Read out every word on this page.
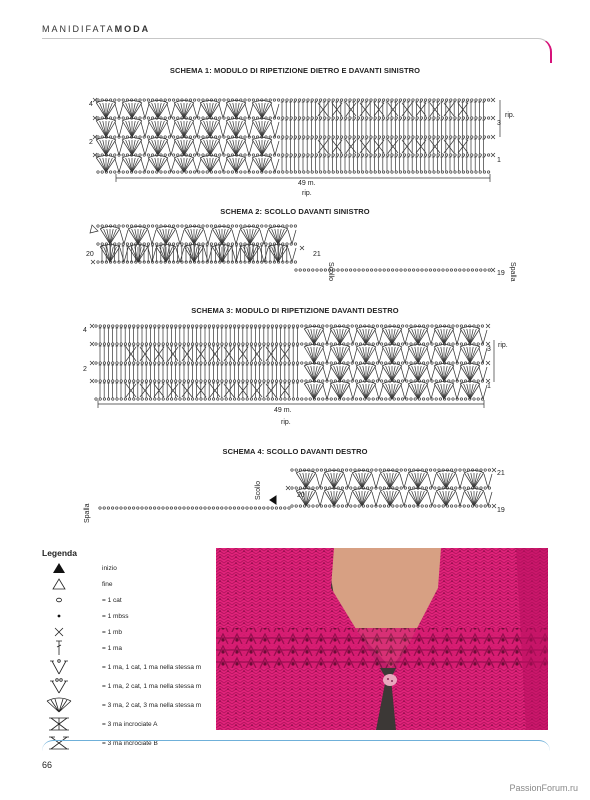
MANIDIFATAMODA
SCHEMA 1: MODULO DI RIPETIZIONE DIETRO E DAVANTI SINISTRO
SCHEMA 2: SCOLLO DAVANTI SINISTRO
SCHEMA 3: MODULO DI RIPETIZIONE DAVANTI DESTRO
SCHEMA 4: SCOLLO DAVANTI DESTRO
4
2
3
1
rip.
49 m.
rip.
20	21
19
Scollo	Spalla
4
2
3
1
rip.
49 m.
rip.
20
21
19
Scollo
Spalla
Legenda
inizio
fine
= 1 cat
= 1 mbss
= 1 mb
= 1 ma
= 1 ma, 1 cat, 1 ma nella stessa m
= 1 ma, 2 cat, 1 ma nella stessa m
= 3 ma, 2 cat, 3 ma nella stessa m
= 3 ma incrociate A
= 3 ma incrociate B
66
PassionForum.ru
